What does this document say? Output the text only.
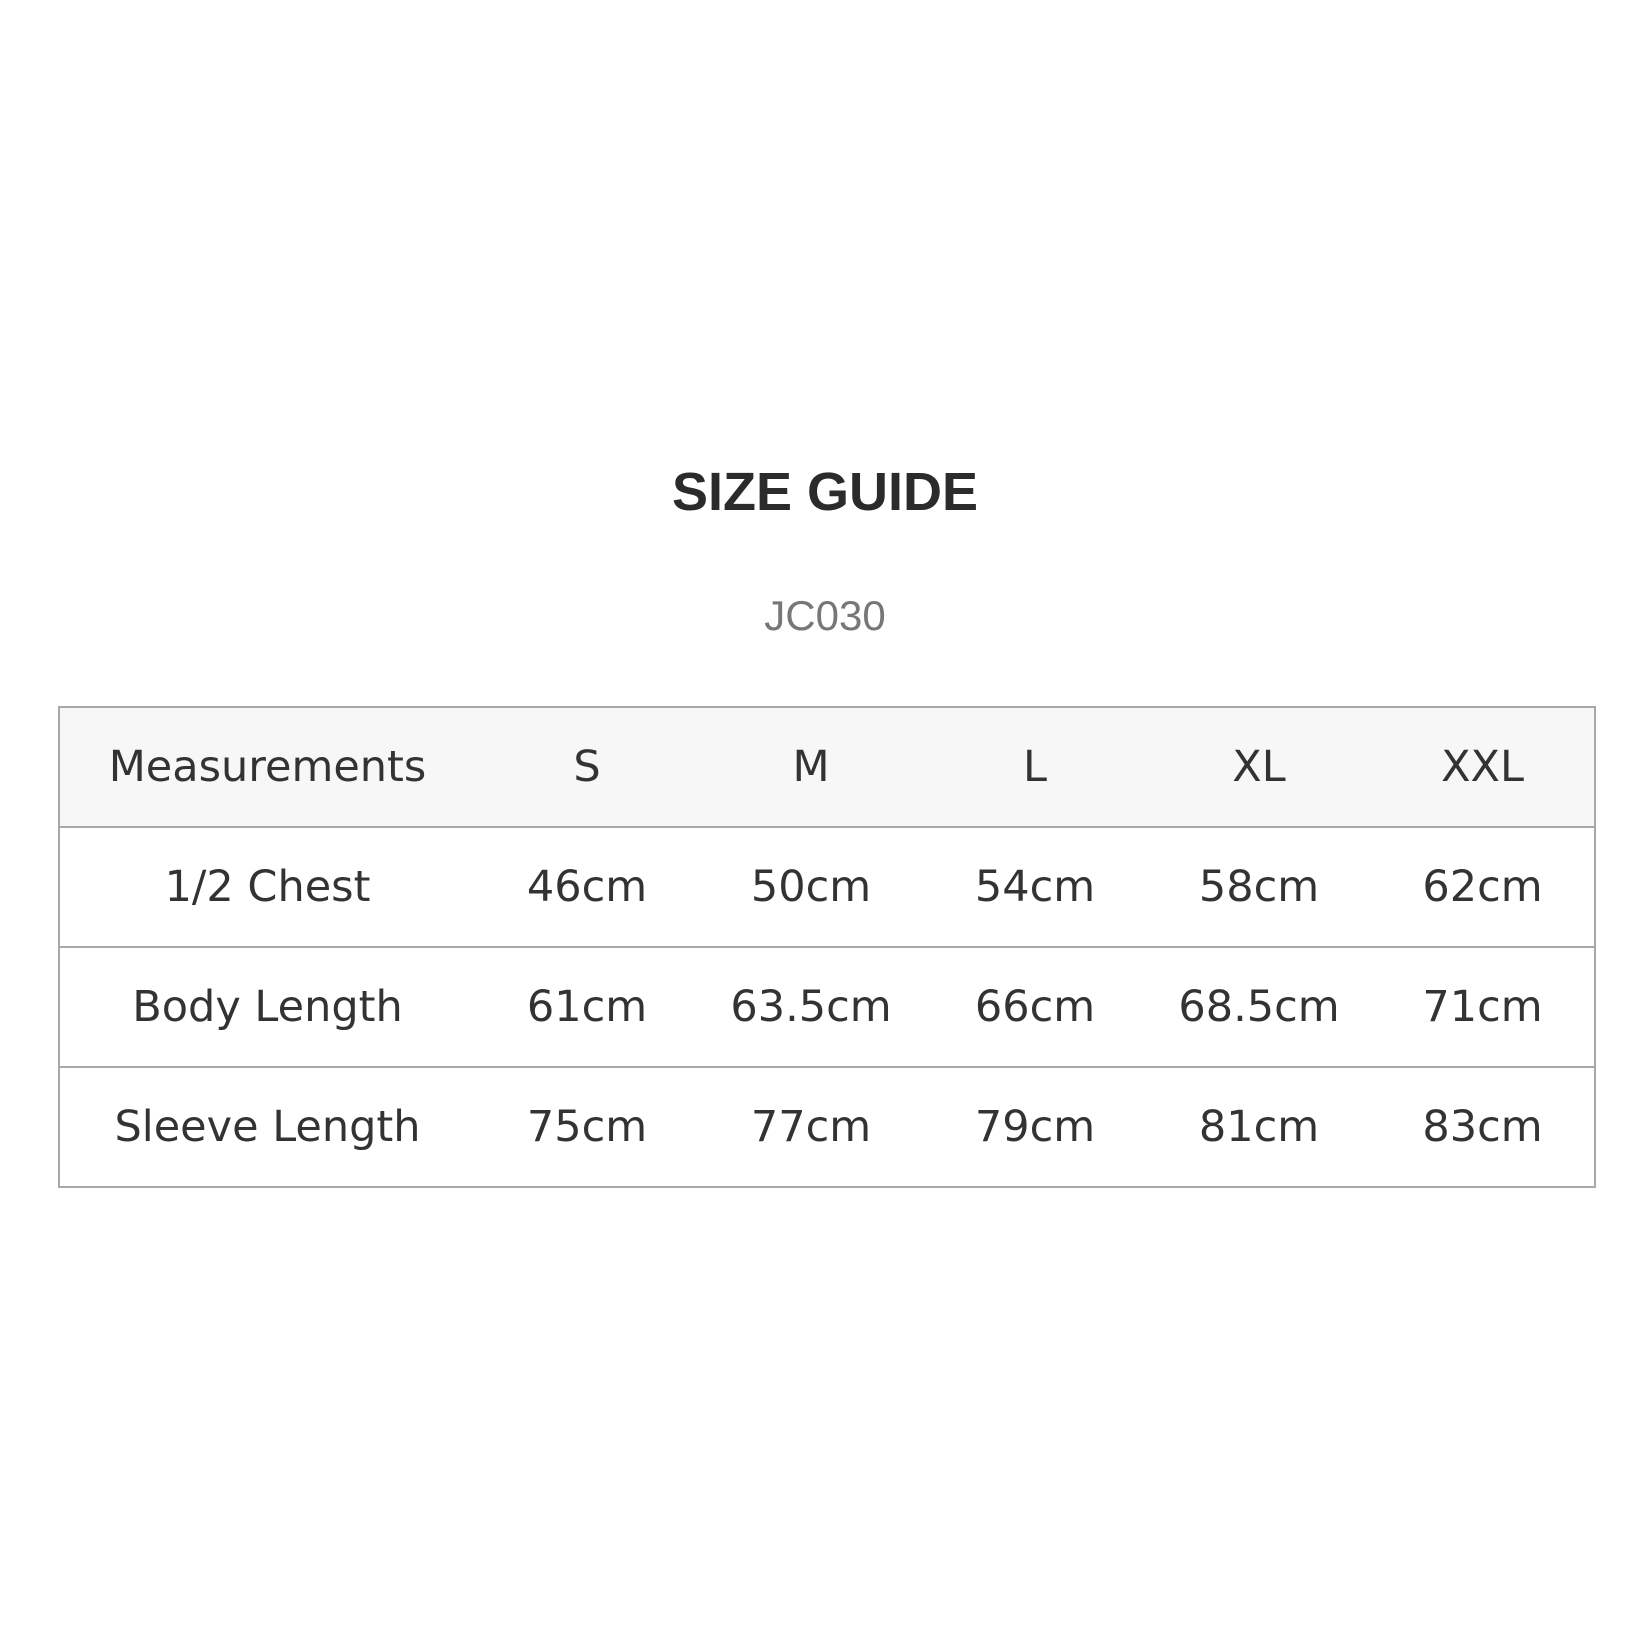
SIZE GUIDE
JC030
Measurements	S	M	L	XL	XXL
1/2 Chest	46cm	50cm	54cm	58cm	62cm
Body Length	61cm	63.5cm	66cm	68.5cm	71cm
Sleeve Length	75cm	77cm	79cm	81cm	83cm
